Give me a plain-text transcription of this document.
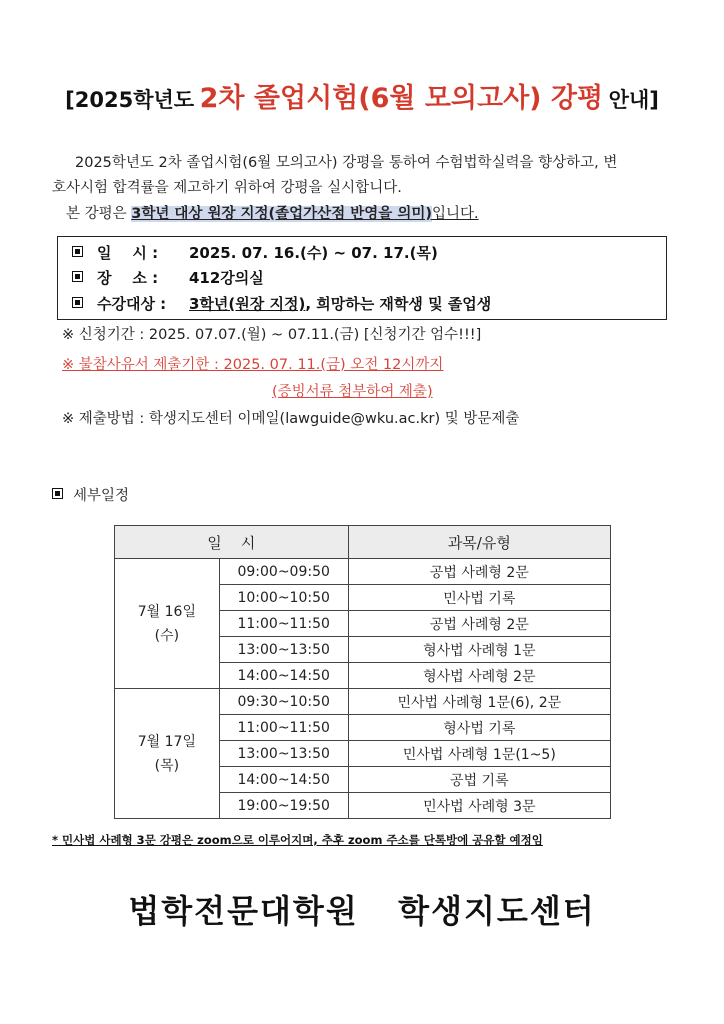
[2025학년도 2차 졸업시험(6월 모의고사) 강평 안내]
2025학년도 2차 졸업시험(6월 모의고사) 강평을 통하여 수험법학실력을 향상하고, 변
호사시험 합격률을 제고하기 위하여 강평을 실시합니다.
본 강평은 3학년 대상 원장 지정(졸업가산점 반영을 의미)입니다.
일    시 : 2025. 07. 16.(수) ~ 07. 17.(목)
장    소 : 412강의실
수강대상 : 3학년(원장 지정), 희망하는 재학생 및 졸업생
※ 신청기간 : 2025. 07.07.(월) ~ 07.11.(금) [신청기간 엄수!!!]
※ 불참사유서 제출기한 : 2025. 07. 11.(금) 오전 12시까지
(증빙서류 첨부하여 제출)
※ 제출방법 : 학생지도센터 이메일(lawguide@wku.ac.kr) 및 방문제출
세부일정
일    시		과목/유형
7월 16일
(수)	09:00~09:50	공법 사례형 2문
	10:00~10:50	민사법 기록
	11:00~11:50	공법 사례형 2문
	13:00~13:50	형사법 사례형 1문
	14:00~14:50	형사법 사례형 2문
7월 17일
(목)	09:30~10:50	민사법 사례형 1문(6), 2문
	11:00~11:50	형사법 기록
	13:00~13:50	민사법 사례형 1문(1~5)
	14:00~14:50	공법 기록
	19:00~19:50	민사법 사례형 3문
* 민사법 사례형 3문 강평은 zoom으로 이루어지며, 추후 zoom 주소를 단톡방에 공유할 예정임
법학전문대학원   학생지도센터
